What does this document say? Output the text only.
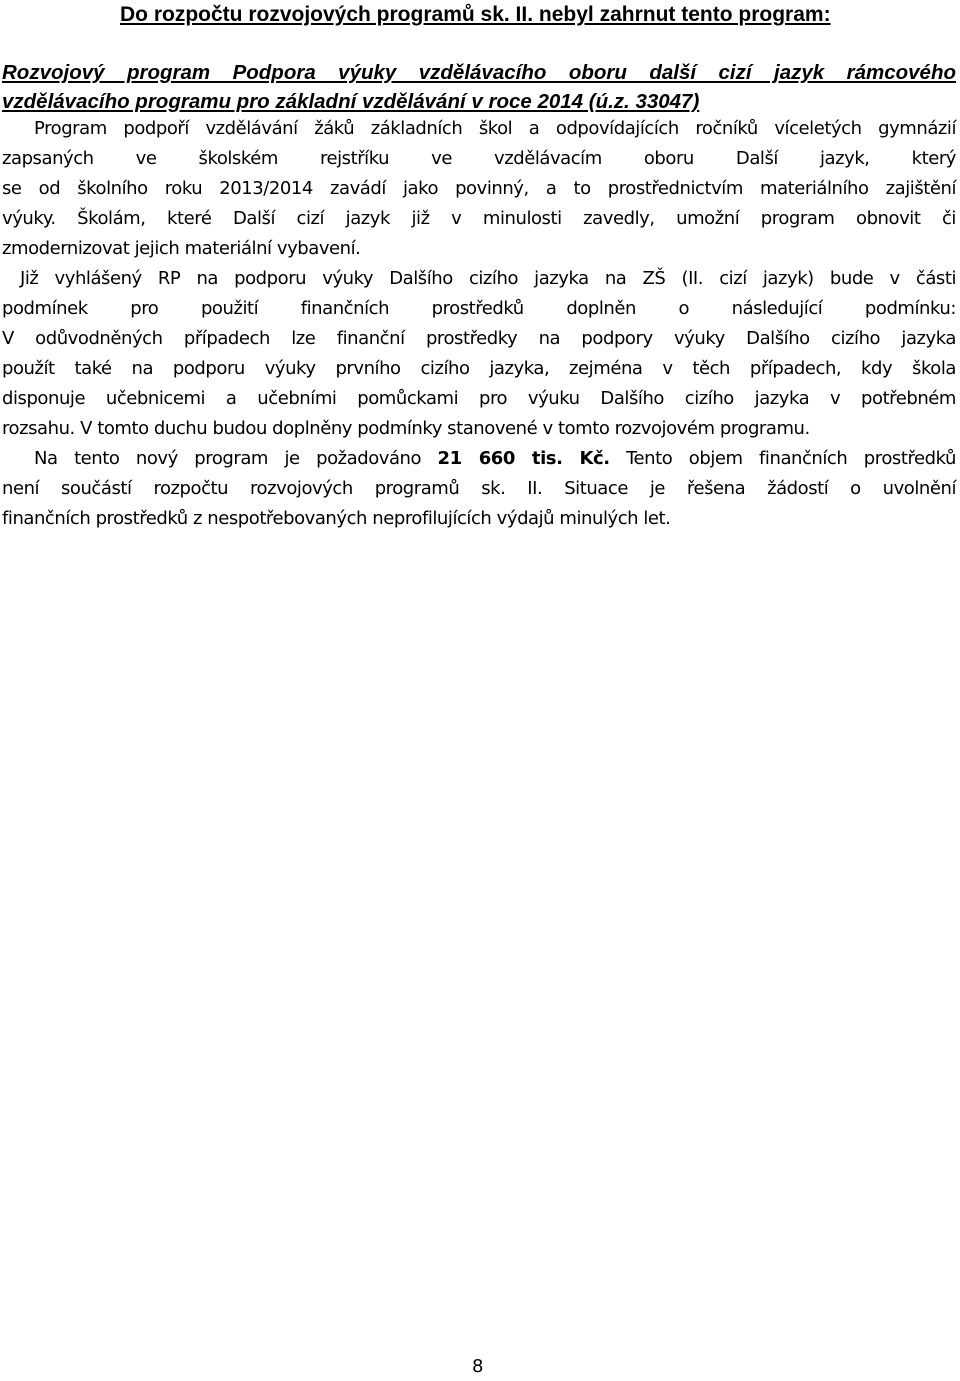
Do rozpočtu rozvojových programů sk. II. nebyl zahrnut tento program:
Rozvojový program Podpora výuky vzdělávacího oboru další cizí jazyk rámcového
vzdělávacího programu pro základní vzdělávání v roce 2014 (ú.z. 33047)
Program podpoří vzdělávání žáků základních škol a odpovídajících ročníků víceletých gymnázií
zapsaných ve školském rejstříku ve vzdělávacím oboru Další jazyk, který
se od školního roku 2013/2014 zavádí jako povinný, a to prostřednictvím materiálního zajištění
výuky. Školám, které Další cizí jazyk již v minulosti zavedly, umožní program obnovit či
zmodernizovat jejich materiální vybavení.
Již vyhlášený RP na podporu výuky Dalšího cizího jazyka na ZŠ (II. cizí jazyk) bude v části
podmínek pro použití finančních prostředků doplněn o následující podmínku:
V odůvodněných případech lze finanční prostředky na podpory výuky Dalšího cizího jazyka
použít také na podporu výuky prvního cizího jazyka, zejména v těch případech, kdy škola
disponuje učebnicemi a učebními pomůckami pro výuku Dalšího cizího jazyka v potřebném
rozsahu. V tomto duchu budou doplněny podmínky stanovené v tomto rozvojovém programu.
Na tento nový program je požadováno 21 660 tis. Kč. Tento objem finančních prostředků
není součástí rozpočtu rozvojových programů sk. II. Situace je řešena žádostí o uvolnění
finančních prostředků z nespotřebovaných neprofilujících výdajů minulých let.
8
